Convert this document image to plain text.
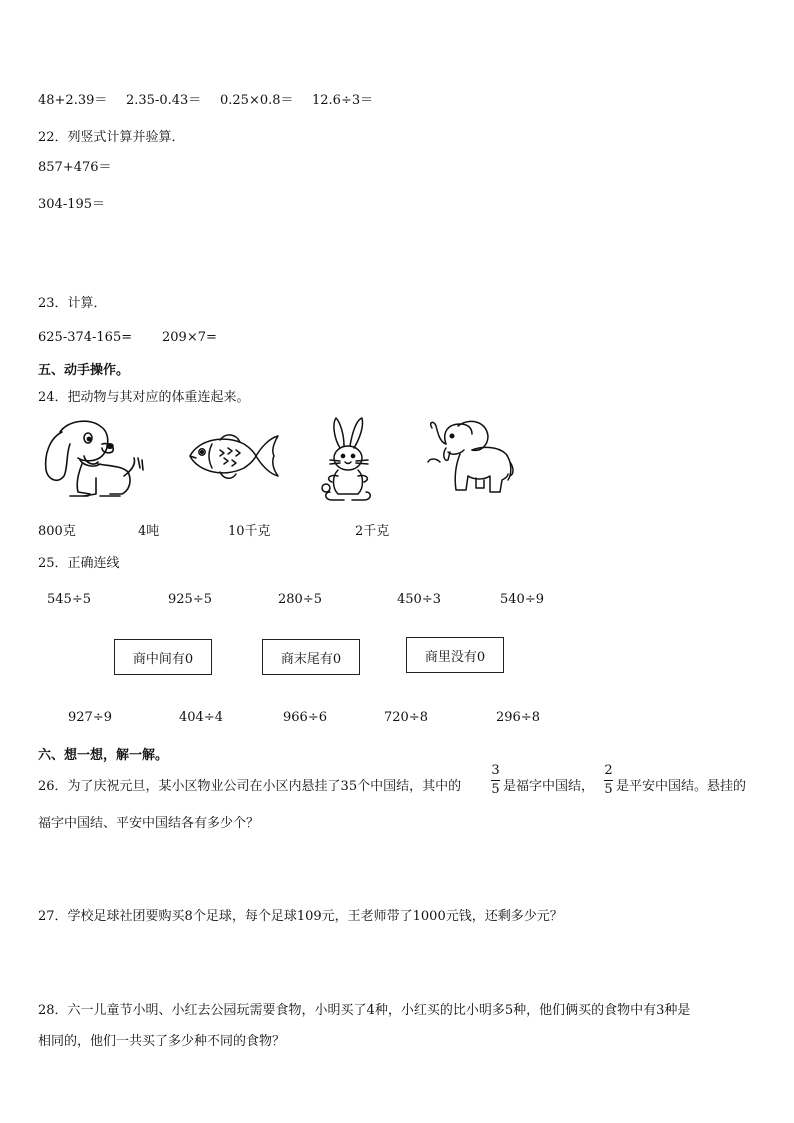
48+2.39＝ 2.35-0.43＝ 0.25×0.8＝ 12.6÷3＝
22．列竖式计算并验算．
857+476＝
304-195＝
23．计算．
625-374-165= 209×7=
五、动手操作。
24．把动物与其对应的体重连起来。
800克	4吨	10千克	2千克
25．正确连线
545÷5	925÷5	280÷5	450÷3	540÷9
商中间有0	商末尾有0	商里没有0
927÷9	404÷4	966÷6	720÷8	296÷8
六、想一想，解一解。
26．为了庆祝元旦，某小区物业公司在小区内悬挂了35个中国结，其中的
3
5 是福字中国结，
2
5 是平安中国结。悬挂的
福字中国结、平安中国结各有多少个？
27．学校足球社团要购买8个足球，每个足球109元，王老师带了1000元钱，还剩多少元？
28．六一儿童节小明、小红去公园玩需要食物，小明买了4种，小红买的比小明多5种，他们俩买的食物中有3种是
相同的，他们一共买了多少种不同的食物？
